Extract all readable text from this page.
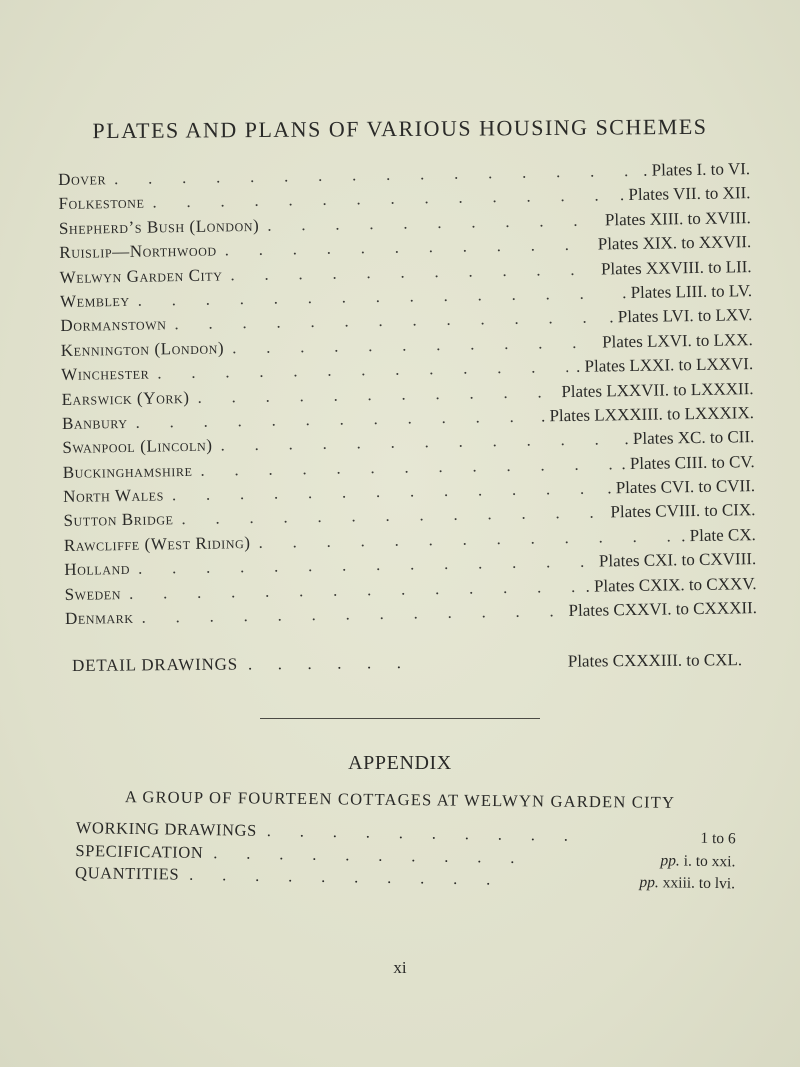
PLATES AND PLANS OF VARIOUS HOUSING SCHEMES
Dover .	. Plates I. to VI.
Folkestone .	. Plates VII. to XII.
Shepherd’s Bush (London) .	Plates XIII. to XVIII.
Ruislip—Northwood .	Plates XIX. to XXVII.
Welwyn Garden City .	Plates XXVIII. to LII.
Wembley .	. Plates LIII. to LV.
Dormanstown .	. Plates LVI. to LXV.
Kennington (London) .	Plates LXVI. to LXX.
Winchester .	. Plates LXXI. to LXXVI.
Earswick (York) .	Plates LXXVII. to LXXXII.
Banbury .	. Plates LXXXIII. to LXXXIX.
Swanpool (Lincoln) .	. Plates XC. to CII.
Buckinghamshire .	. Plates CIII. to CV.
North Wales .	. Plates CVI. to CVII.
Sutton Bridge .	Plates CVIII. to CIX.
Rawcliffe (West Riding) .	. Plate CX.
Holland .	Plates CXI. to CXVIII.
Sweden .	. Plates CXIX. to CXXV.
Denmark .	Plates CXXVI. to CXXXII.
DETAIL DRAWINGS .	Plates CXXXIII. to CXL.
APPENDIX
A GROUP OF FOURTEEN COTTAGES AT WELWYN GARDEN CITY
WORKING DRAWINGS .	1 to 6
SPECIFICATION .	pp. i. to xxi.
QUANTITIES .	pp. xxiii. to lvi.
xi
